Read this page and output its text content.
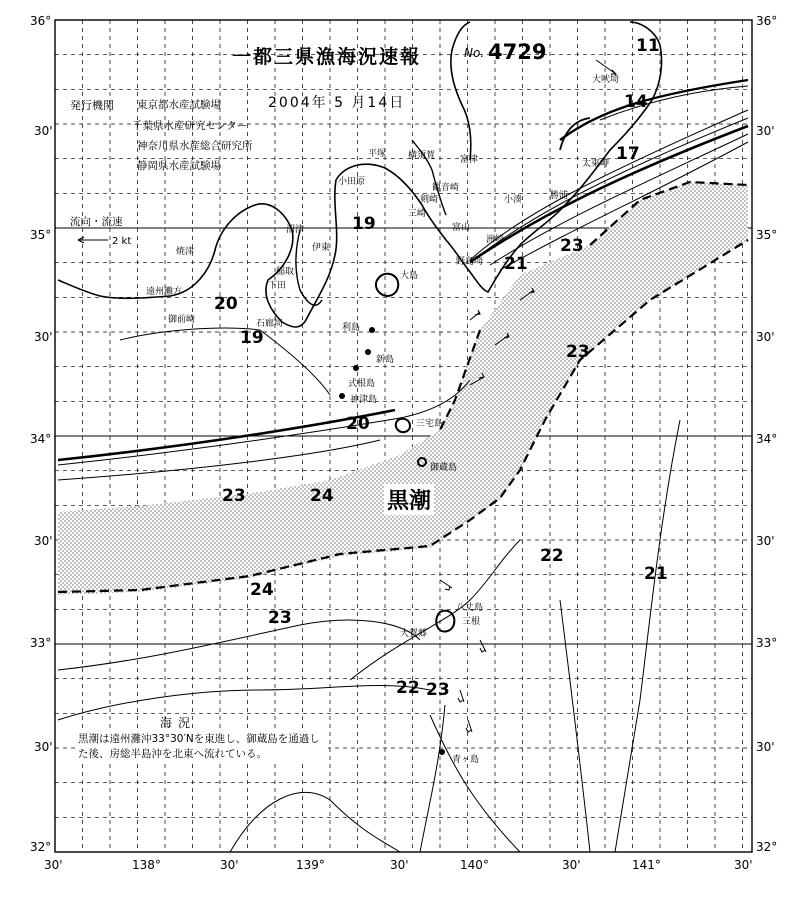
一都三県漁海況速報	No. 4729
発行機関 東京都水産試験場
千葉県水産研究センター
神奈川県水産総合研究所
静岡県水産試験場
2004年 5 月14日
流向・流速
2 kt
36°
30'
35°
30'
34°
30'
33°
30'
32°
36°
30'
35°
30'
34°
30'
33°
30'
32°
30'	138°	30'	139°	30'	140°	30'	141°	30'
11
14
17
19
20
19
21
23
23
20
23	24
24
23
22
21
22 23
黒潮
大吠埼
太東岬
勝浦
小湊
平塚 横須賀	富津
観音崎
剣崎
三崎
富山
洲埼
野島埼
小田原
沼津
伊東
焼津
稲取
下田
御前崎	石廊埼
大島
利島
新島
式根島
神津島
三宅島
御蔵島
八丈島
青ヶ島
遠州灘方
大賀郷
三根
海況
黒潮は遠州灘沖33°30′Nを東進し、御蔵島を通過した後、房総半島沖を北東へ流れている。
